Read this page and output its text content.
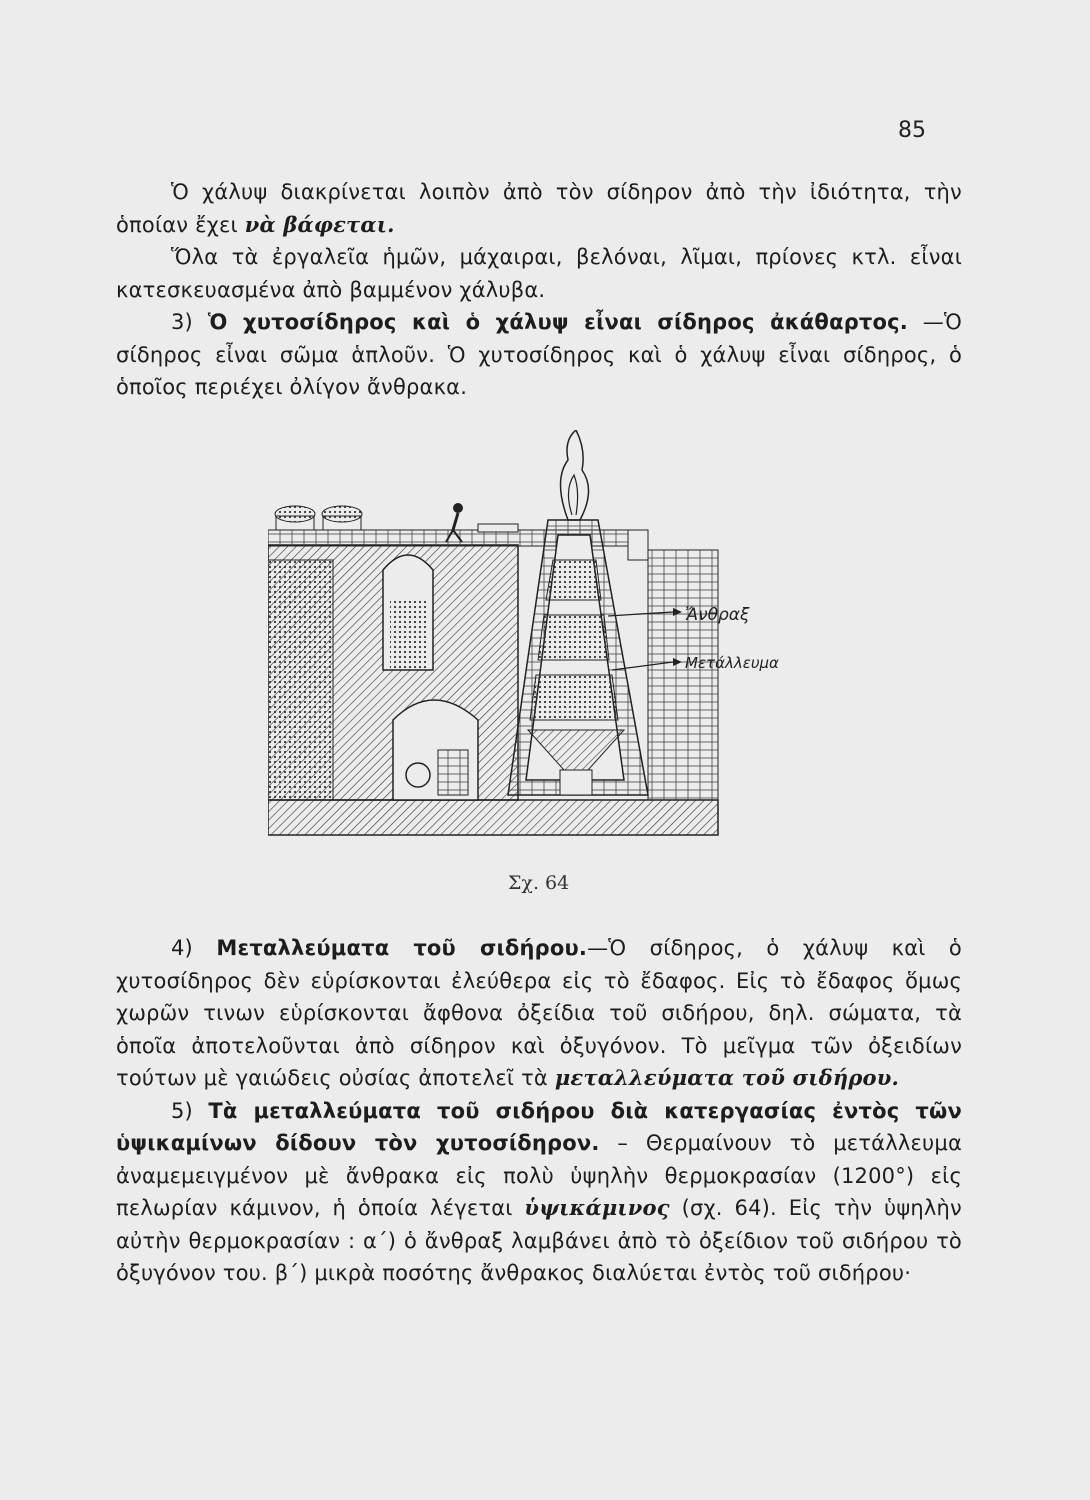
85

Ὁ χάλυψ διακρίνεται λοιπὸν ἀπὸ τὸν σίδηρον ἀπὸ τὴν ἰδιότητα, τὴν ὁποίαν ἔχει νὰ βάφεται.

Ὅλα τὰ ἐργαλεῖα ἡμῶν, μάχαιραι, βελόναι, λῖμαι, πρίονες κτλ. εἶναι κατεσκευασμένα ἀπὸ βαμμένον χάλυβα.

3) Ὁ χυτοσίδηρος καὶ ὁ χάλυψ εἶναι σίδηρος ἀκάθαρτος. —Ὁ σίδηρος εἶναι σῶμα ἁπλοῦν. Ὁ χυτοσίδηρος καὶ ὁ χάλυψ εἶναι σίδηρος, ὁ ὁποῖος περιέχει ὀλίγον ἄνθρακα.

Ἄνθραξ
Μετάλλευμα
Σχ. 64

4) Μεταλλεύματα τοῦ σιδήρου.—Ὁ σίδηρος, ὁ χάλυψ καὶ ὁ χυτοσίδηρος δὲν εὑρίσκονται ἐλεύθερα εἰς τὸ ἔδαφος. Εἰς τὸ ἔδαφος ὅμως χωρῶν τινων εὑρίσκονται ἄφθονα ὀξείδια τοῦ σιδήρου, δηλ. σώματα, τὰ ὁποῖα ἀποτελοῦνται ἀπὸ σίδηρον καὶ ὀξυγόνον. Τὸ μεῖγμα τῶν ὀξειδίων τούτων μὲ γαιώδεις οὐσίας ἀποτελεῖ τὰ μεταλλεύματα τοῦ σιδήρου.

5) Τὰ μεταλλεύματα τοῦ σιδήρου διὰ κατεργασίας ἐντὸς τῶν ὑψικαμίνων δίδουν τὸν χυτοσίδηρον. – Θερμαίνουν τὸ μετάλλευμα ἀναμεμειγμένον μὲ ἄνθρακα εἰς πολὺ ὑψηλὴν θερμοκρασίαν (1200°) εἰς πελωρίαν κάμινον, ἡ ὁποία λέγεται ὑψικάμινος (σχ. 64). Εἰς τὴν ὑψηλὴν αὐτὴν θερμοκρασίαν : α΄) ὁ ἄνθραξ λαμβάνει ἀπὸ τὸ ὀξείδιον τοῦ σιδήρου τὸ ὀξυγόνον του. β΄) μικρὰ ποσότης ἄνθρακος διαλύεται ἐντὸς τοῦ σιδήρου·
